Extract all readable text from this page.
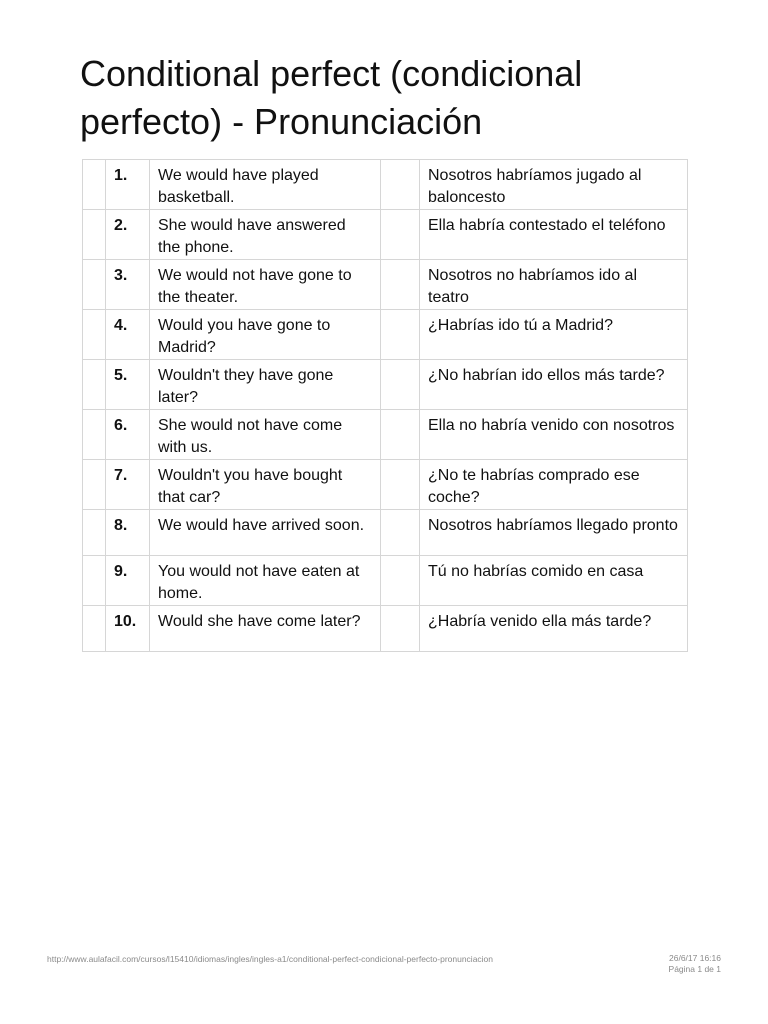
Conditional perfect (condicional perfecto) - Pronunciación
	1.	We would have played basketball.		Nosotros habríamos jugado al baloncesto
	2.	She would have answered the phone.		Ella habría contestado el teléfono
	3.	We would not have gone to the theater.		Nosotros no habríamos ido al teatro
	4.	Would you have gone to Madrid?		¿Habrías ido tú a Madrid?
	5.	Wouldn't they have gone later?		¿No habrían ido ellos más tarde?
	6.	She would not have come with us.		Ella no habría venido con nosotros
	7.	Wouldn't you have bought that car?		¿No te habrías comprado ese coche?
	8.	We would have arrived soon.		Nosotros habríamos llegado pronto
	9.	You would not have eaten at home.		Tú no habrías comido en casa
	10.	Would she have come later?		¿Habría venido ella más tarde?
http://www.aulafacil.com/cursos/l15410/idiomas/ingles/ingles-a1/conditional-perfect-condicional-perfecto-pronunciacion	26/6/17 16:16
Página 1 de 1
